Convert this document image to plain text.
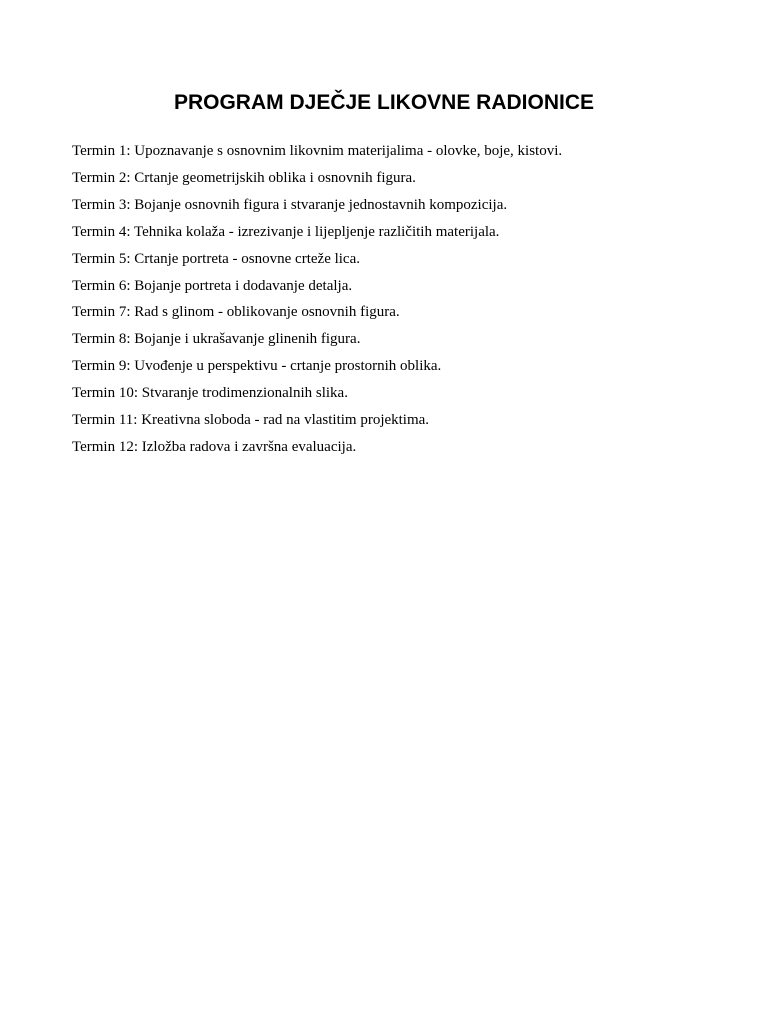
PROGRAM DJEČJE LIKOVNE RADIONICE
Termin 1: Upoznavanje s osnovnim likovnim materijalima - olovke, boje, kistovi.
Termin 2: Crtanje geometrijskih oblika i osnovnih figura.
Termin 3: Bojanje osnovnih figura i stvaranje jednostavnih kompozicija.
Termin 4: Tehnika kolaža - izrezivanje i lijepljenje različitih materijala.
Termin 5: Crtanje portreta - osnovne crteže lica.
Termin 6: Bojanje portreta i dodavanje detalja.
Termin 7: Rad s glinom - oblikovanje osnovnih figura.
Termin 8: Bojanje i ukrašavanje glinenih figura.
Termin 9: Uvođenje u perspektivu - crtanje prostornih oblika.
Termin 10: Stvaranje trodimenzionalnih slika.
Termin 11: Kreativna sloboda - rad na vlastitim projektima.
Termin 12: Izložba radova i završna evaluacija.
